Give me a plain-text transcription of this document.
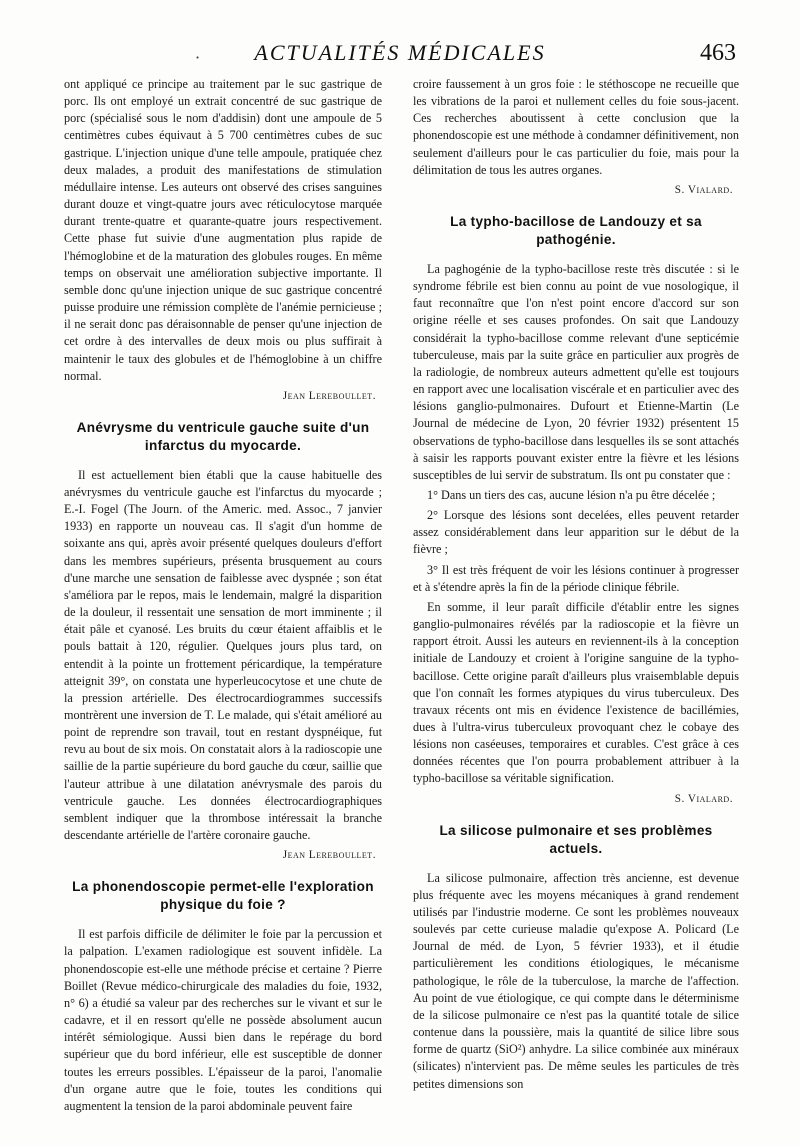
·	ACTUALITÉS MÉDICALES	463

ont appliqué ce principe au traitement par le suc gastrique de porc. Ils ont employé un extrait concentré de suc gastrique de porc (spécialisé sous le nom d'addisin) dont une ampoule de 5 centimètres cubes équivaut à 5 700 centimètres cubes de suc gastrique. L'injection unique d'une telle ampoule, pratiquée chez deux malades, a produit des manifestations de stimulation médullaire intense. Les auteurs ont observé des crises sanguines durant douze et vingt-quatre jours avec réticulocytose marquée durant trente-quatre et quarante-quatre jours respectivement. Cette phase fut suivie d'une augmentation plus rapide de l'hémoglobine et de la maturation des globules rouges. En même temps on observait une amélioration subjective importante. Il semble donc qu'une injection unique de suc gastrique concentré puisse produire une rémission complète de l'anémie pernicieuse ; il ne serait donc pas déraisonnable de penser qu'une injection de cet ordre à des intervalles de deux mois ou plus suffirait à maintenir le taux des globules et de l'hémoglobine à un chiffre normal.

Jean Lereboullet.
Anévrysme du ventricule gauche suite d'un infarctus du myocarde.

Il est actuellement bien établi que la cause habituelle des anévrysmes du ventricule gauche est l'infarctus du myocarde ; E.-I. Fogel (The Journ. of the Americ. med. Assoc., 7 janvier 1933) en rapporte un nouveau cas. Il s'agit d'un homme de soixante ans qui, après avoir présenté quelques douleurs d'effort dans les membres supérieurs, présenta brusquement au cours d'une marche une sensation de faiblesse avec dyspnée ; son état s'améliora par le repos, mais le lendemain, malgré la disparition de la douleur, il ressentait une sensation de mort imminente ; il était pâle et cyanosé. Les bruits du cœur étaient affaiblis et le pouls battait à 120, régulier. Quelques jours plus tard, on entendit à la pointe un frottement péricardique, la température atteignit 39°, on constata une hyperleucocytose et une chute de la pression artérielle. Des électrocardiogrammes successifs montrèrent une inversion de T. Le malade, qui s'était amélioré au point de reprendre son travail, tout en restant dyspnéique, fut revu au bout de six mois. On constatait alors à la radioscopie une saillie de la partie supérieure du bord gauche du cœur, saillie que l'auteur attribue à une dilatation anévrysmale des parois du ventricule gauche. Les données électrocardiographiques semblent indiquer que la thrombose intéressait la branche descendante artérielle de l'artère coronaire gauche.

Jean Lereboullet.
La phonendoscopie permet-elle l'exploration physique du foie ?

Il est parfois difficile de délimiter le foie par la percussion et la palpation. L'examen radiologique est souvent infidèle. La phonendoscopie est-elle une méthode précise et certaine ? Pierre Boillet (Revue médico-chirurgicale des maladies du foie, 1932, n° 6) a étudié sa valeur par des recherches sur le vivant et sur le cadavre, et il en ressort qu'elle ne possède absolument aucun intérêt sémiologique. Aussi bien dans le repérage du bord supérieur que du bord inférieur, elle est susceptible de donner toutes les erreurs possibles. L'épaisseur de la paroi, l'anomalie d'un organe autre que le foie, toutes les conditions qui augmentent la tension de la paroi abdominale peuvent faire

croire faussement à un gros foie : le stéthoscope ne recueille que les vibrations de la paroi et nullement celles du foie sous-jacent. Ces recherches aboutissent à cette conclusion que la phonendoscopie est une méthode à condamner définitivement, non seulement d'ailleurs pour le cas particulier du foie, mais pour la délimitation de tous les autres organes.

S. Vialard.
La typho-bacillose de Landouzy et sa pathogénie.

La paghogénie de la typho-bacillose reste très discutée : si le syndrome fébrile est bien connu au point de vue nosologique, il faut reconnaître que l'on n'est point encore d'accord sur son origine réelle et ses causes profondes. On sait que Landouzy considérait la typho-bacillose comme relevant d'une septicémie tuberculeuse, mais par la suite grâce en particulier aux progrès de la radiologie, de nombreux auteurs admettent qu'elle est toujours en rapport avec une localisation viscérale et en particulier avec des lésions ganglio-pulmonaires. Dufourt et Etienne-Martin (Le Journal de médecine de Lyon, 20 février 1932) présentent 15 observations de typho-bacillose dans lesquelles ils se sont attachés à saisir les rapports pouvant exister entre la fièvre et les lésions susceptibles de lui servir de substratum. Ils ont pu constater que :

1° Dans un tiers des cas, aucune lésion n'a pu être décelée ;

2° Lorsque des lésions sont decelées, elles peuvent retarder assez considérablement dans leur apparition sur le début de la fièvre ;

3° Il est très fréquent de voir les lésions continuer à progresser et à s'étendre après la fin de la période clinique fébrile.

En somme, il leur paraît difficile d'établir entre les signes ganglio-pulmonaires révélés par la radioscopie et la fièvre un rapport étroit. Aussi les auteurs en reviennent-ils à la conception initiale de Landouzy et croient à l'origine sanguine de la typho-bacillose. Cette origine paraît d'ailleurs plus vraisemblable depuis que l'on connaît les formes atypiques du virus tuberculeux. Des travaux récents ont mis en évidence l'existence de bacillémies, dues à l'ultra-virus tuberculeux provoquant chez le cobaye des lésions non caséeuses, temporaires et curables. C'est grâce à ces données récentes que l'on pourra probablement attribuer à la typho-bacillose sa véritable signification.

S. Vialard.
La silicose pulmonaire et ses problèmes actuels.

La silicose pulmonaire, affection très ancienne, est devenue plus fréquente avec les moyens mécaniques à grand rendement utilisés par l'industrie moderne. Ce sont les problèmes nouveaux soulevés par cette curieuse maladie qu'expose A. Policard (Le Journal de méd. de Lyon, 5 février 1933), et il étudie particulièrement les conditions étiologiques, le mécanisme pathologique, le rôle de la tuberculose, la marche de l'affection. Au point de vue étiologique, ce qui compte dans le déterminisme de la silicose pulmonaire ce n'est pas la quantité totale de silice contenue dans la poussière, mais la quantité de silice libre sous forme de quartz (SiO²) anhydre. La silice combinée aux minéraux (silicates) n'intervient pas. De même seules les particules de très petites dimensions son
